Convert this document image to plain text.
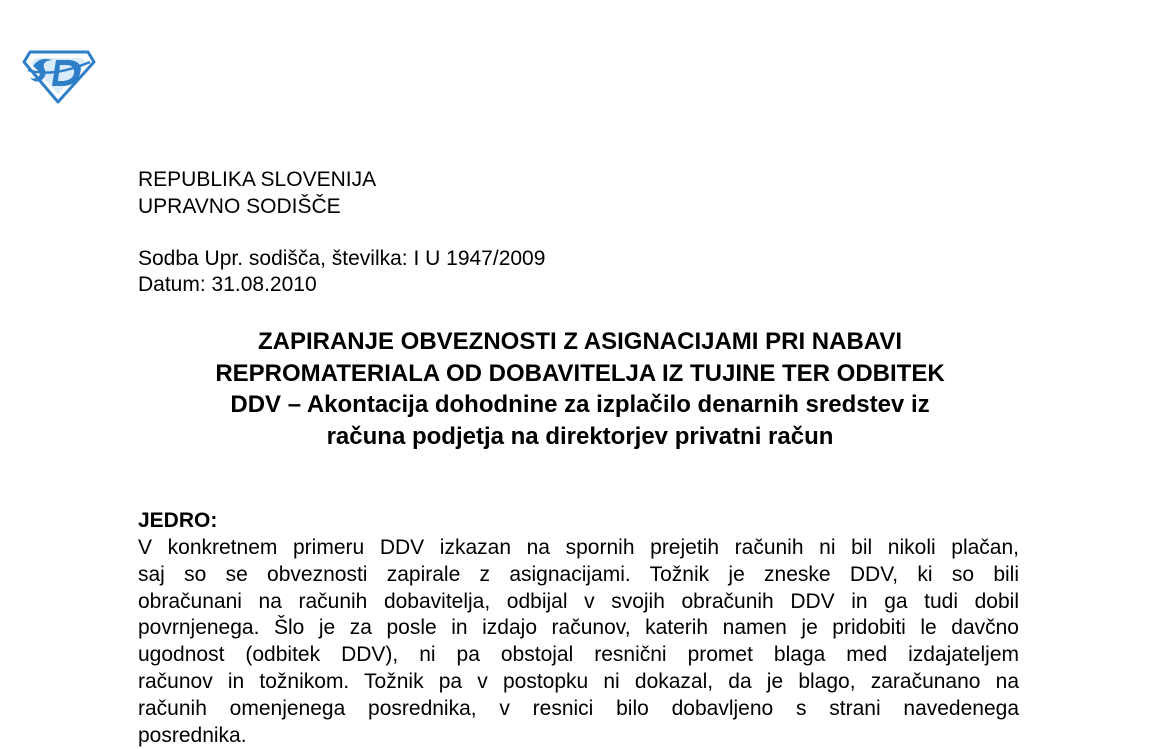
REPUBLIKA SLOVENIJA
UPRAVNO SODIŠČE
Sodba Upr. sodišča, številka: I U 1947/2009
Datum: 31.08.2010
ZAPIRANJE OBVEZNOSTI Z ASIGNACIJAMI PRI NABAVI
REPROMATERIALA OD DOBAVITELJA IZ TUJINE TER ODBITEK
DDV – Akontacija dohodnine za izplačilo denarnih sredstev iz
računa podjetja na direktorjev privatni račun
JEDRO:
V konkretnem primeru DDV izkazan na spornih prejetih računih ni bil nikoli plačan,
saj so se obveznosti zapirale z asignacijami. Tožnik je zneske DDV, ki so bili
obračunani na računih dobavitelja, odbijal v svojih obračunih DDV in ga tudi dobil
povrnjenega. Šlo je za posle in izdajo računov, katerih namen je pridobiti le davčno
ugodnost (odbitek DDV), ni pa obstojal resnični promet blaga med izdajateljem
računov in tožnikom. Tožnik pa v postopku ni dokazal, da je blago, zaračunano na
računih omenjenega posrednika, v resnici bilo dobavljeno s strani navedenega
posrednika.
